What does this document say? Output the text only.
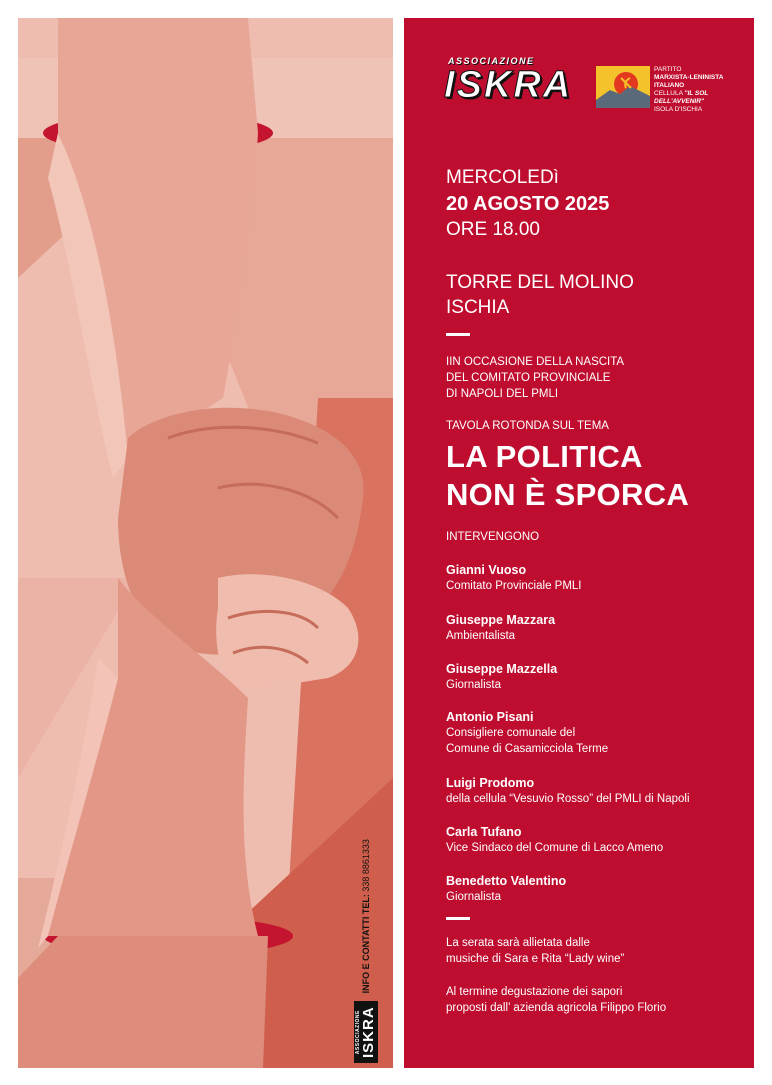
ASSOCIAZIONE ISKRA
INFO E CONTATTI TEL: 338 8861333
ASSOCIAZIONE
ISKRA	PARTITO
MARXISTA-LENINISTA
ITALIANO
CELLULA "IL SOL DELL'AVVENIR"
ISOLA D'ISCHIA
MERCOLEDì
20 AGOSTO 2025
ORE 18.00
TORRE DEL MOLINO
ISCHIA
IIN OCCASIONE DELLA NASCITA
DEL COMITATO PROVINCIALE
DI NAPOLI DEL PMLI
TAVOLA ROTONDA SUL TEMA
LA POLITICA
NON È SPORCA
INTERVENGONO
Gianni Vuoso
Comitato Provinciale PMLI
Giuseppe Mazzara
Ambientalista
Giuseppe Mazzella
Giornalista
Antonio Pisani
Consigliere comunale del
Comune di Casamicciola Terme
Luigi Prodomo
della cellula “Vesuvio Rosso” del PMLI di Napoli
Carla Tufano
Vice Sindaco del Comune di Lacco Ameno
Benedetto Valentino
Giornalista
La serata sarà allietata dalle
musiche di Sara e Rita “Lady wine”
Al termine degustazione dei sapori
proposti dall’ azienda agricola Filippo Florio
